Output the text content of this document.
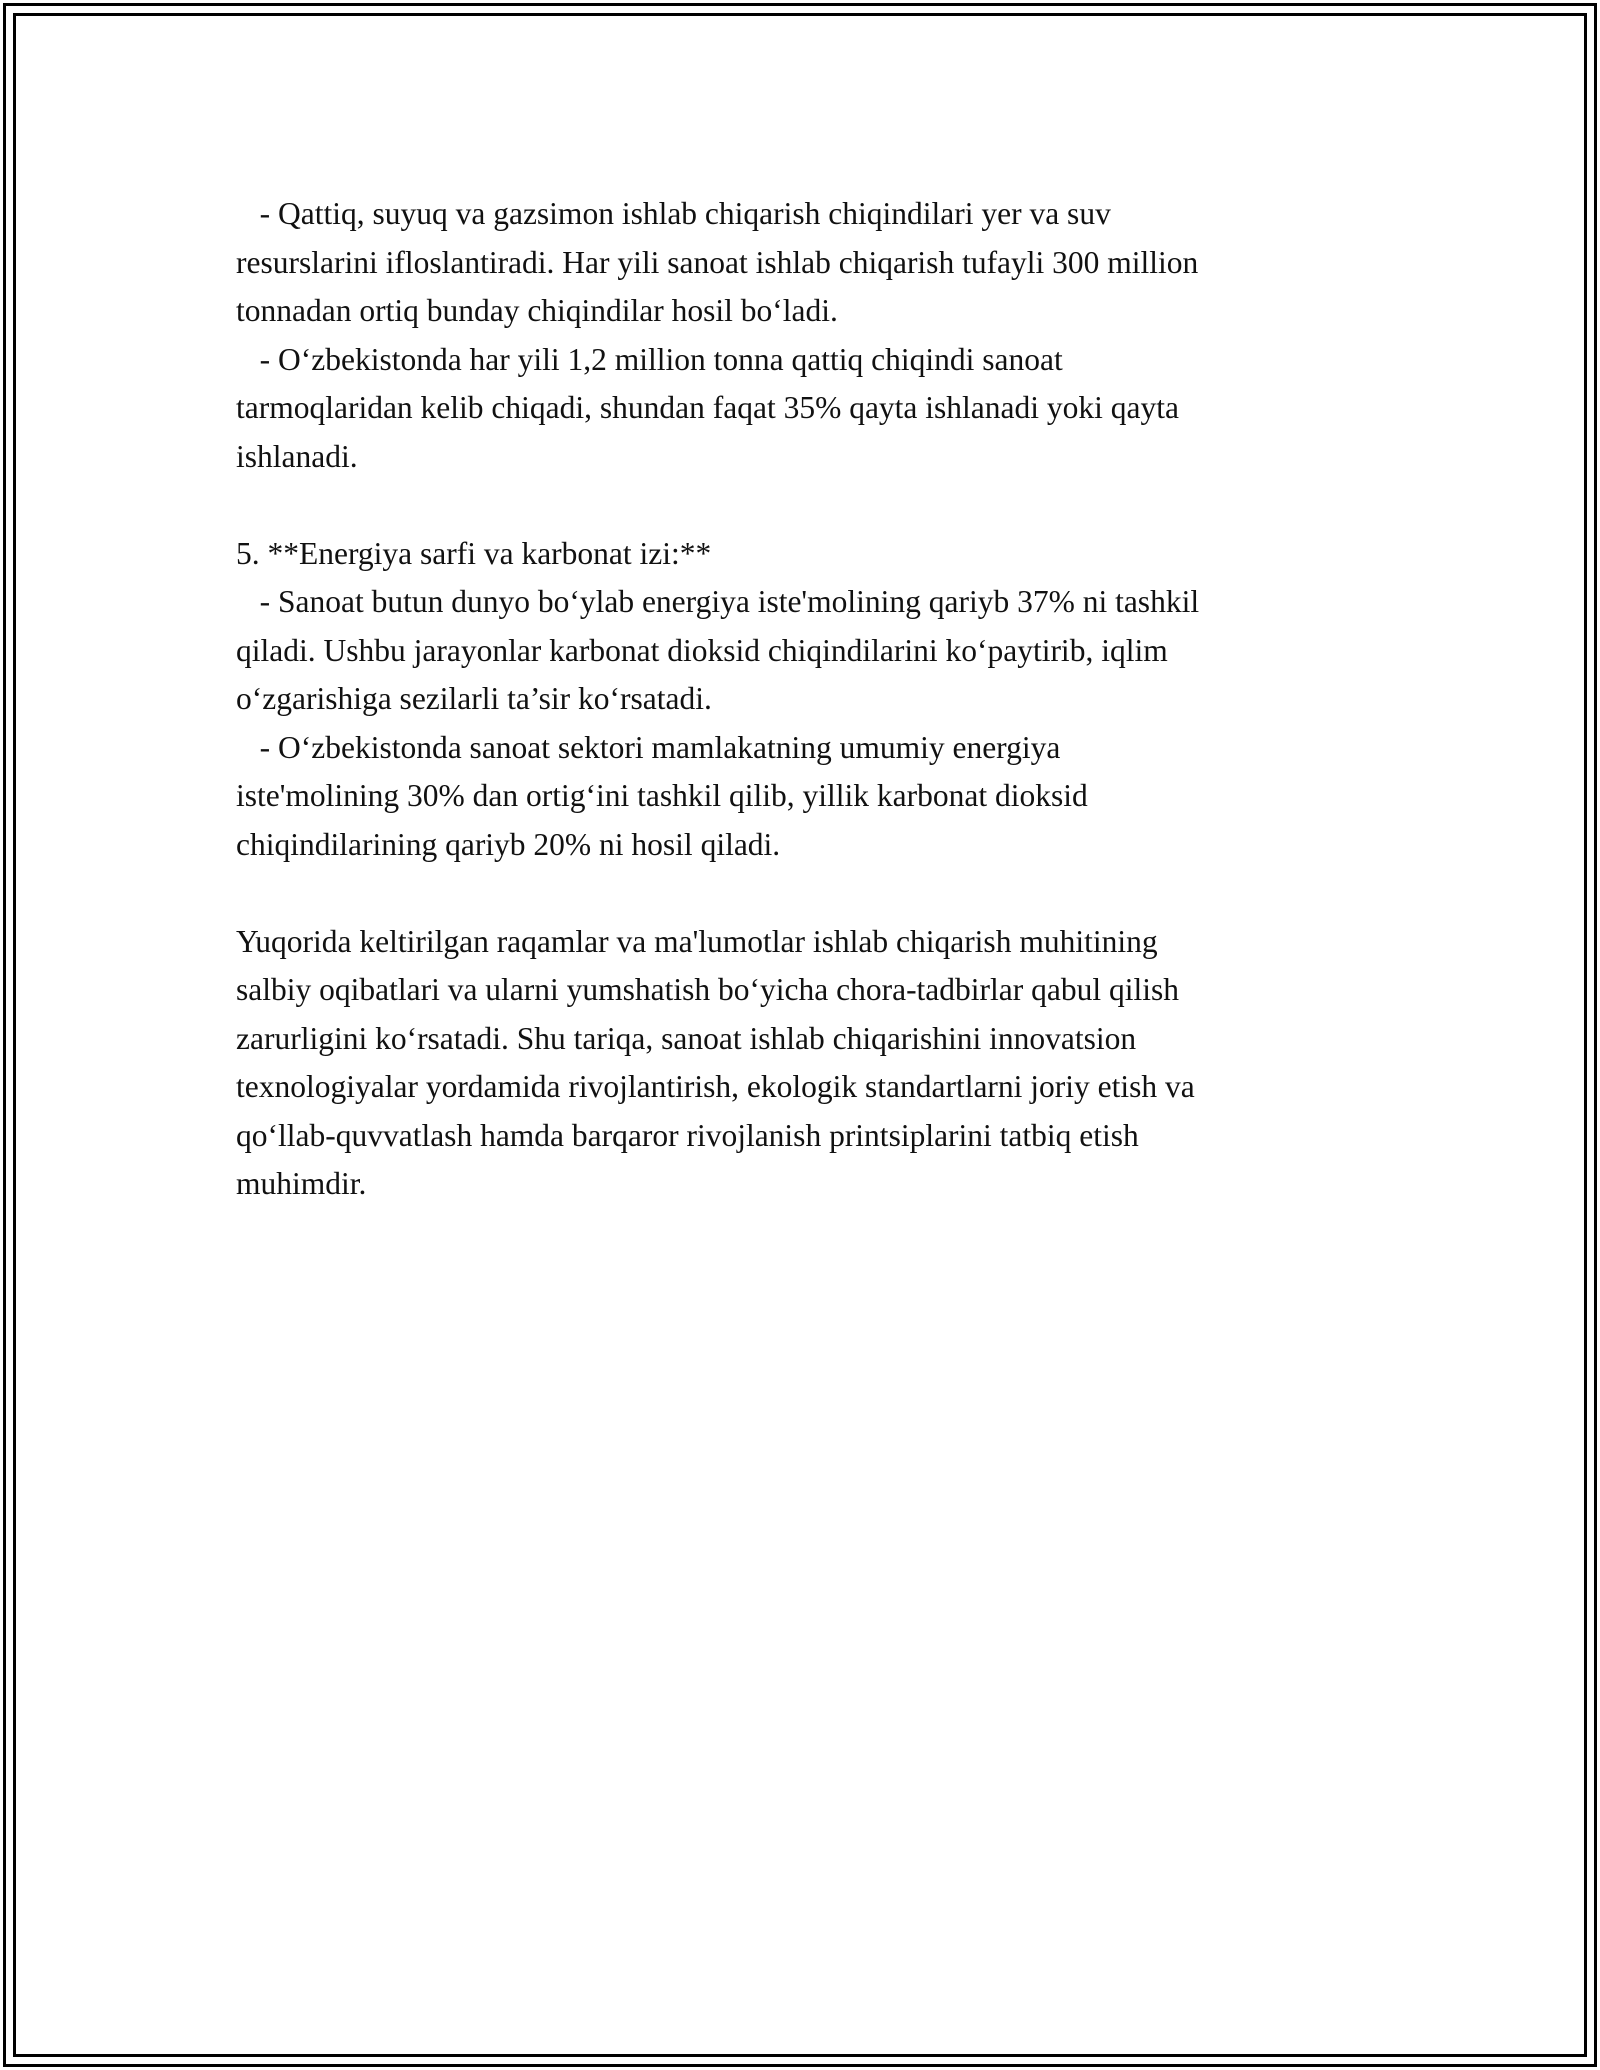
- Qattiq, suyuq va gazsimon ishlab chiqarish chiqindilari yer va suv
resurslarini ifloslantiradi. Har yili sanoat ishlab chiqarish tufayli 300 million
tonnadan ortiq bunday chiqindilar hosil bo‘ladi.
- O‘zbekistonda har yili 1,2 million tonna qattiq chiqindi sanoat
tarmoqlaridan kelib chiqadi, shundan faqat 35% qayta ishlanadi yoki qayta
ishlanadi.
5. **Energiya sarfi va karbonat izi:**
- Sanoat butun dunyo bo‘ylab energiya iste'molining qariyb 37% ni tashkil
qiladi. Ushbu jarayonlar karbonat dioksid chiqindilarini ko‘paytirib, iqlim
o‘zgarishiga sezilarli ta’sir ko‘rsatadi.
- O‘zbekistonda sanoat sektori mamlakatning umumiy energiya
iste'molining 30% dan ortig‘ini tashkil qilib, yillik karbonat dioksid
chiqindilarining qariyb 20% ni hosil qiladi.
Yuqorida keltirilgan raqamlar va ma'lumotlar ishlab chiqarish muhitining
salbiy oqibatlari va ularni yumshatish bo‘yicha chora-tadbirlar qabul qilish
zarurligini ko‘rsatadi. Shu tariqa, sanoat ishlab chiqarishini innovatsion
texnologiyalar yordamida rivojlantirish, ekologik standartlarni joriy etish va
qo‘llab-quvvatlash hamda barqaror rivojlanish printsiplarini tatbiq etish
muhimdir.
